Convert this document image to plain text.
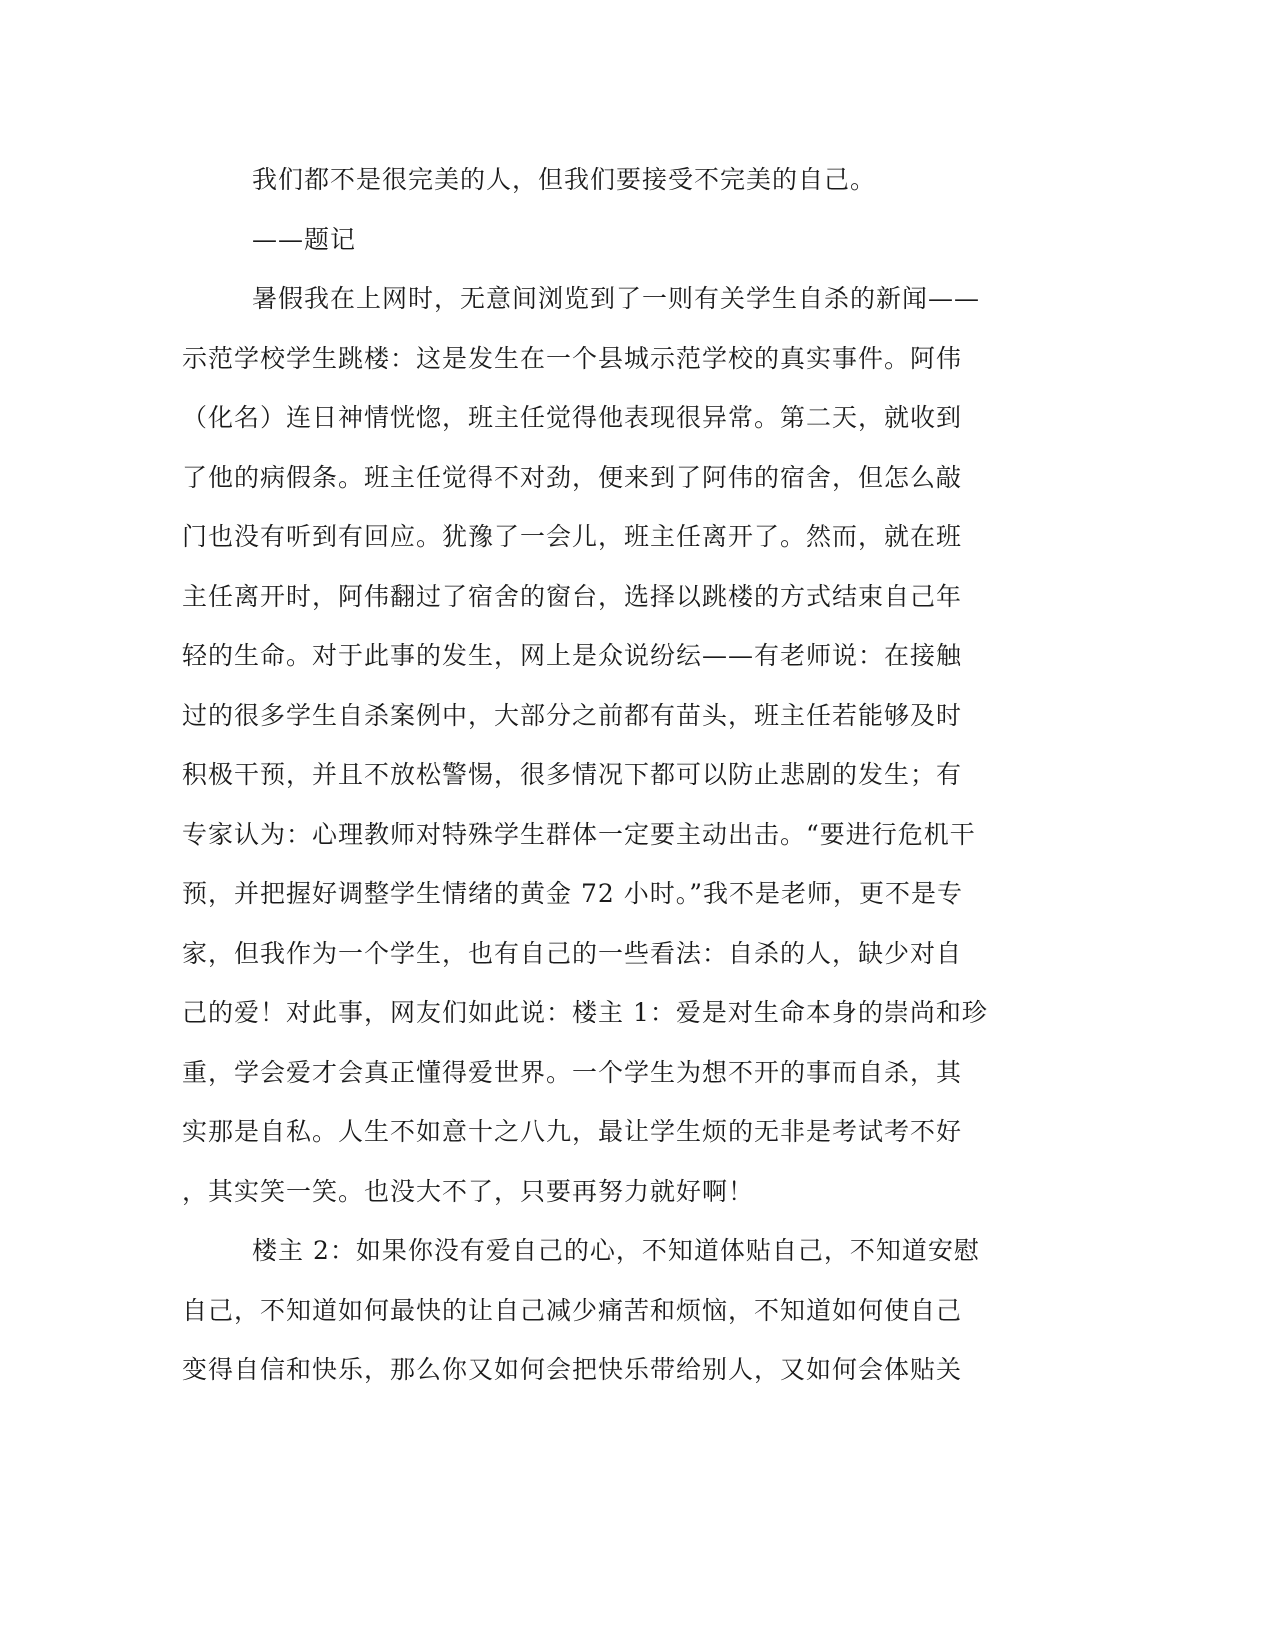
我们都不是很完美的人，但我们要接受不完美的自己。
——题记
暑假我在上网时，无意间浏览到了一则有关学生自杀的新闻——
示范学校学生跳楼：这是发生在一个县城示范学校的真实事件。阿伟
（化名）连日神情恍惚，班主任觉得他表现很异常。第二天，就收到
了他的病假条。班主任觉得不对劲，便来到了阿伟的宿舍，但怎么敲
门也没有听到有回应。犹豫了一会儿，班主任离开了。然而，就在班
主任离开时，阿伟翻过了宿舍的窗台，选择以跳楼的方式结束自己年
轻的生命。对于此事的发生，网上是众说纷纭——有老师说：在接触
过的很多学生自杀案例中，大部分之前都有苗头，班主任若能够及时
积极干预，并且不放松警惕，很多情况下都可以防止悲剧的发生；有
专家认为：心理教师对特殊学生群体一定要主动出击。“要进行危机干
预，并把握好调整学生情绪的黄金 72 小时。”我不是老师，更不是专
家，但我作为一个学生，也有自己的一些看法：自杀的人，缺少对自
己的爱！对此事，网友们如此说：楼主 1：爱是对生命本身的崇尚和珍
重，学会爱才会真正懂得爱世界。一个学生为想不开的事而自杀，其
实那是自私。人生不如意十之八九，最让学生烦的无非是考试考不好
，其实笑一笑。也没大不了，只要再努力就好啊！
楼主 2：如果你没有爱自己的心，不知道体贴自己，不知道安慰
自己，不知道如何最快的让自己减少痛苦和烦恼，不知道如何使自己
变得自信和快乐，那么你又如何会把快乐带给别人，又如何会体贴关
